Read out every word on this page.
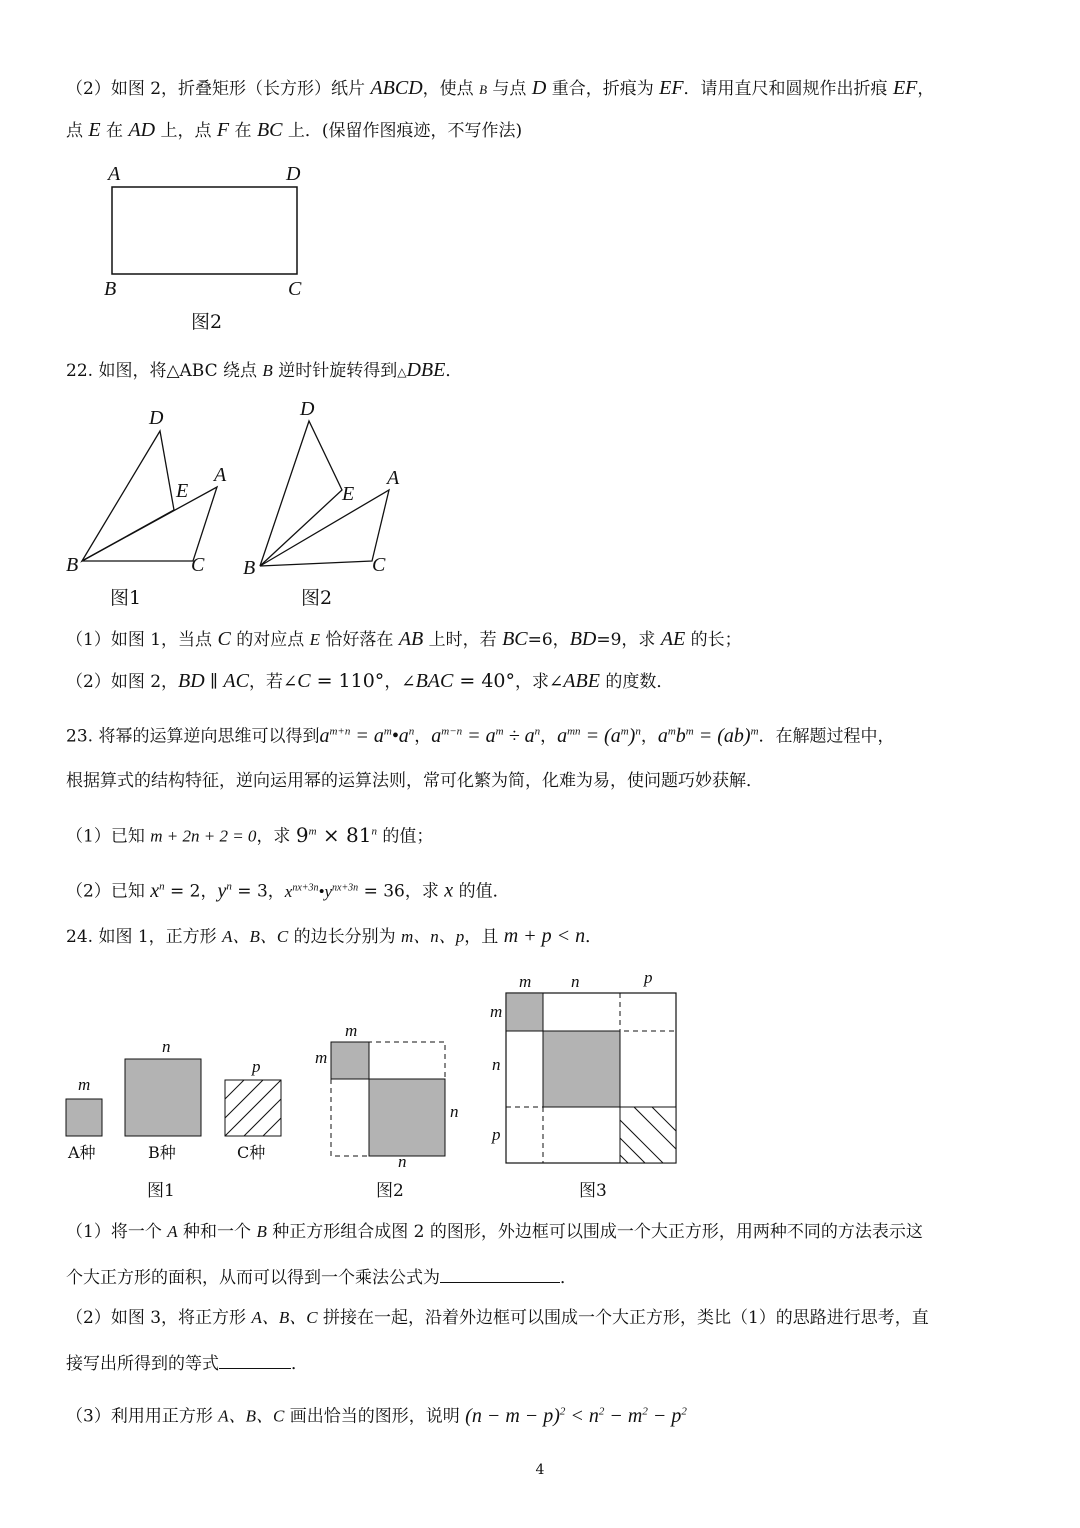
（2）如图 2，折叠矩形（长方形）纸片 ABCD，使点 B 与点 D 重合，折痕为 EF．请用直尺和圆规作出折痕 EF，
点 E 在 AD 上，点 F 在 BC 上．(保留作图痕迹，不写作法)
A	D
B	C
图2
22. 如图，将△ABC 绕点 B 逆时针旋转得到△DBE．
D
E
A
B	C
图1
D
E
A
B	C
图2
（1）如图 1，当点 C 的对应点 E 恰好落在 AB 上时，若 BC=6，BD=9，求 AE 的长；
（2）如图 2，BD ∥ AC，若∠C = 110°，∠BAC = 40°，求∠ABE 的度数．
23. 将幂的运算逆向思维可以得到$a^{m+n}$ = $a^m•a^n$，$a^{m-n} = a^m \div a^n$，$a^{mn} = (a^m)^n$，$a^mb^m = (ab)^m$．在解题过程中，
根据算式的结构特征，逆向运用幂的运算法则，常可化繁为简，化难为易，使问题巧妙获解．
（1）已知 m + 2n + 2 = 0，求 $9^m \times 81^n$ 的值；
（2）已知 $x^n = 2$，$y^n = 3$，$x^{nx+3n}•y^{nx+3n} = 36$，求 x 的值．
24. 如图 1，正方形 A、B、C 的边长分别为 m、n、p，且 m + p < n．
m
n
p
A种	B种	C种
图1
m
m
n
n
图2
m n	p
m
n
p
图3
（1）将一个 A 种和一个 B 种正方形组合成图 2 的图形，外边框可以围成一个大正方形，用两种不同的方法表示这
个大正方形的面积，从而可以得到一个乘法公式为	．
（2）如图 3，将正方形 A、B、C 拼接在一起，沿着外边框可以围成一个大正方形，类比（1）的思路进行思考，直
接写出所得到的等式	．
（3）利用用正方形 A、B、C 画出恰当的图形，说明 $(n - m - p)^2 < n^2 - m^2 - p^2$
4
